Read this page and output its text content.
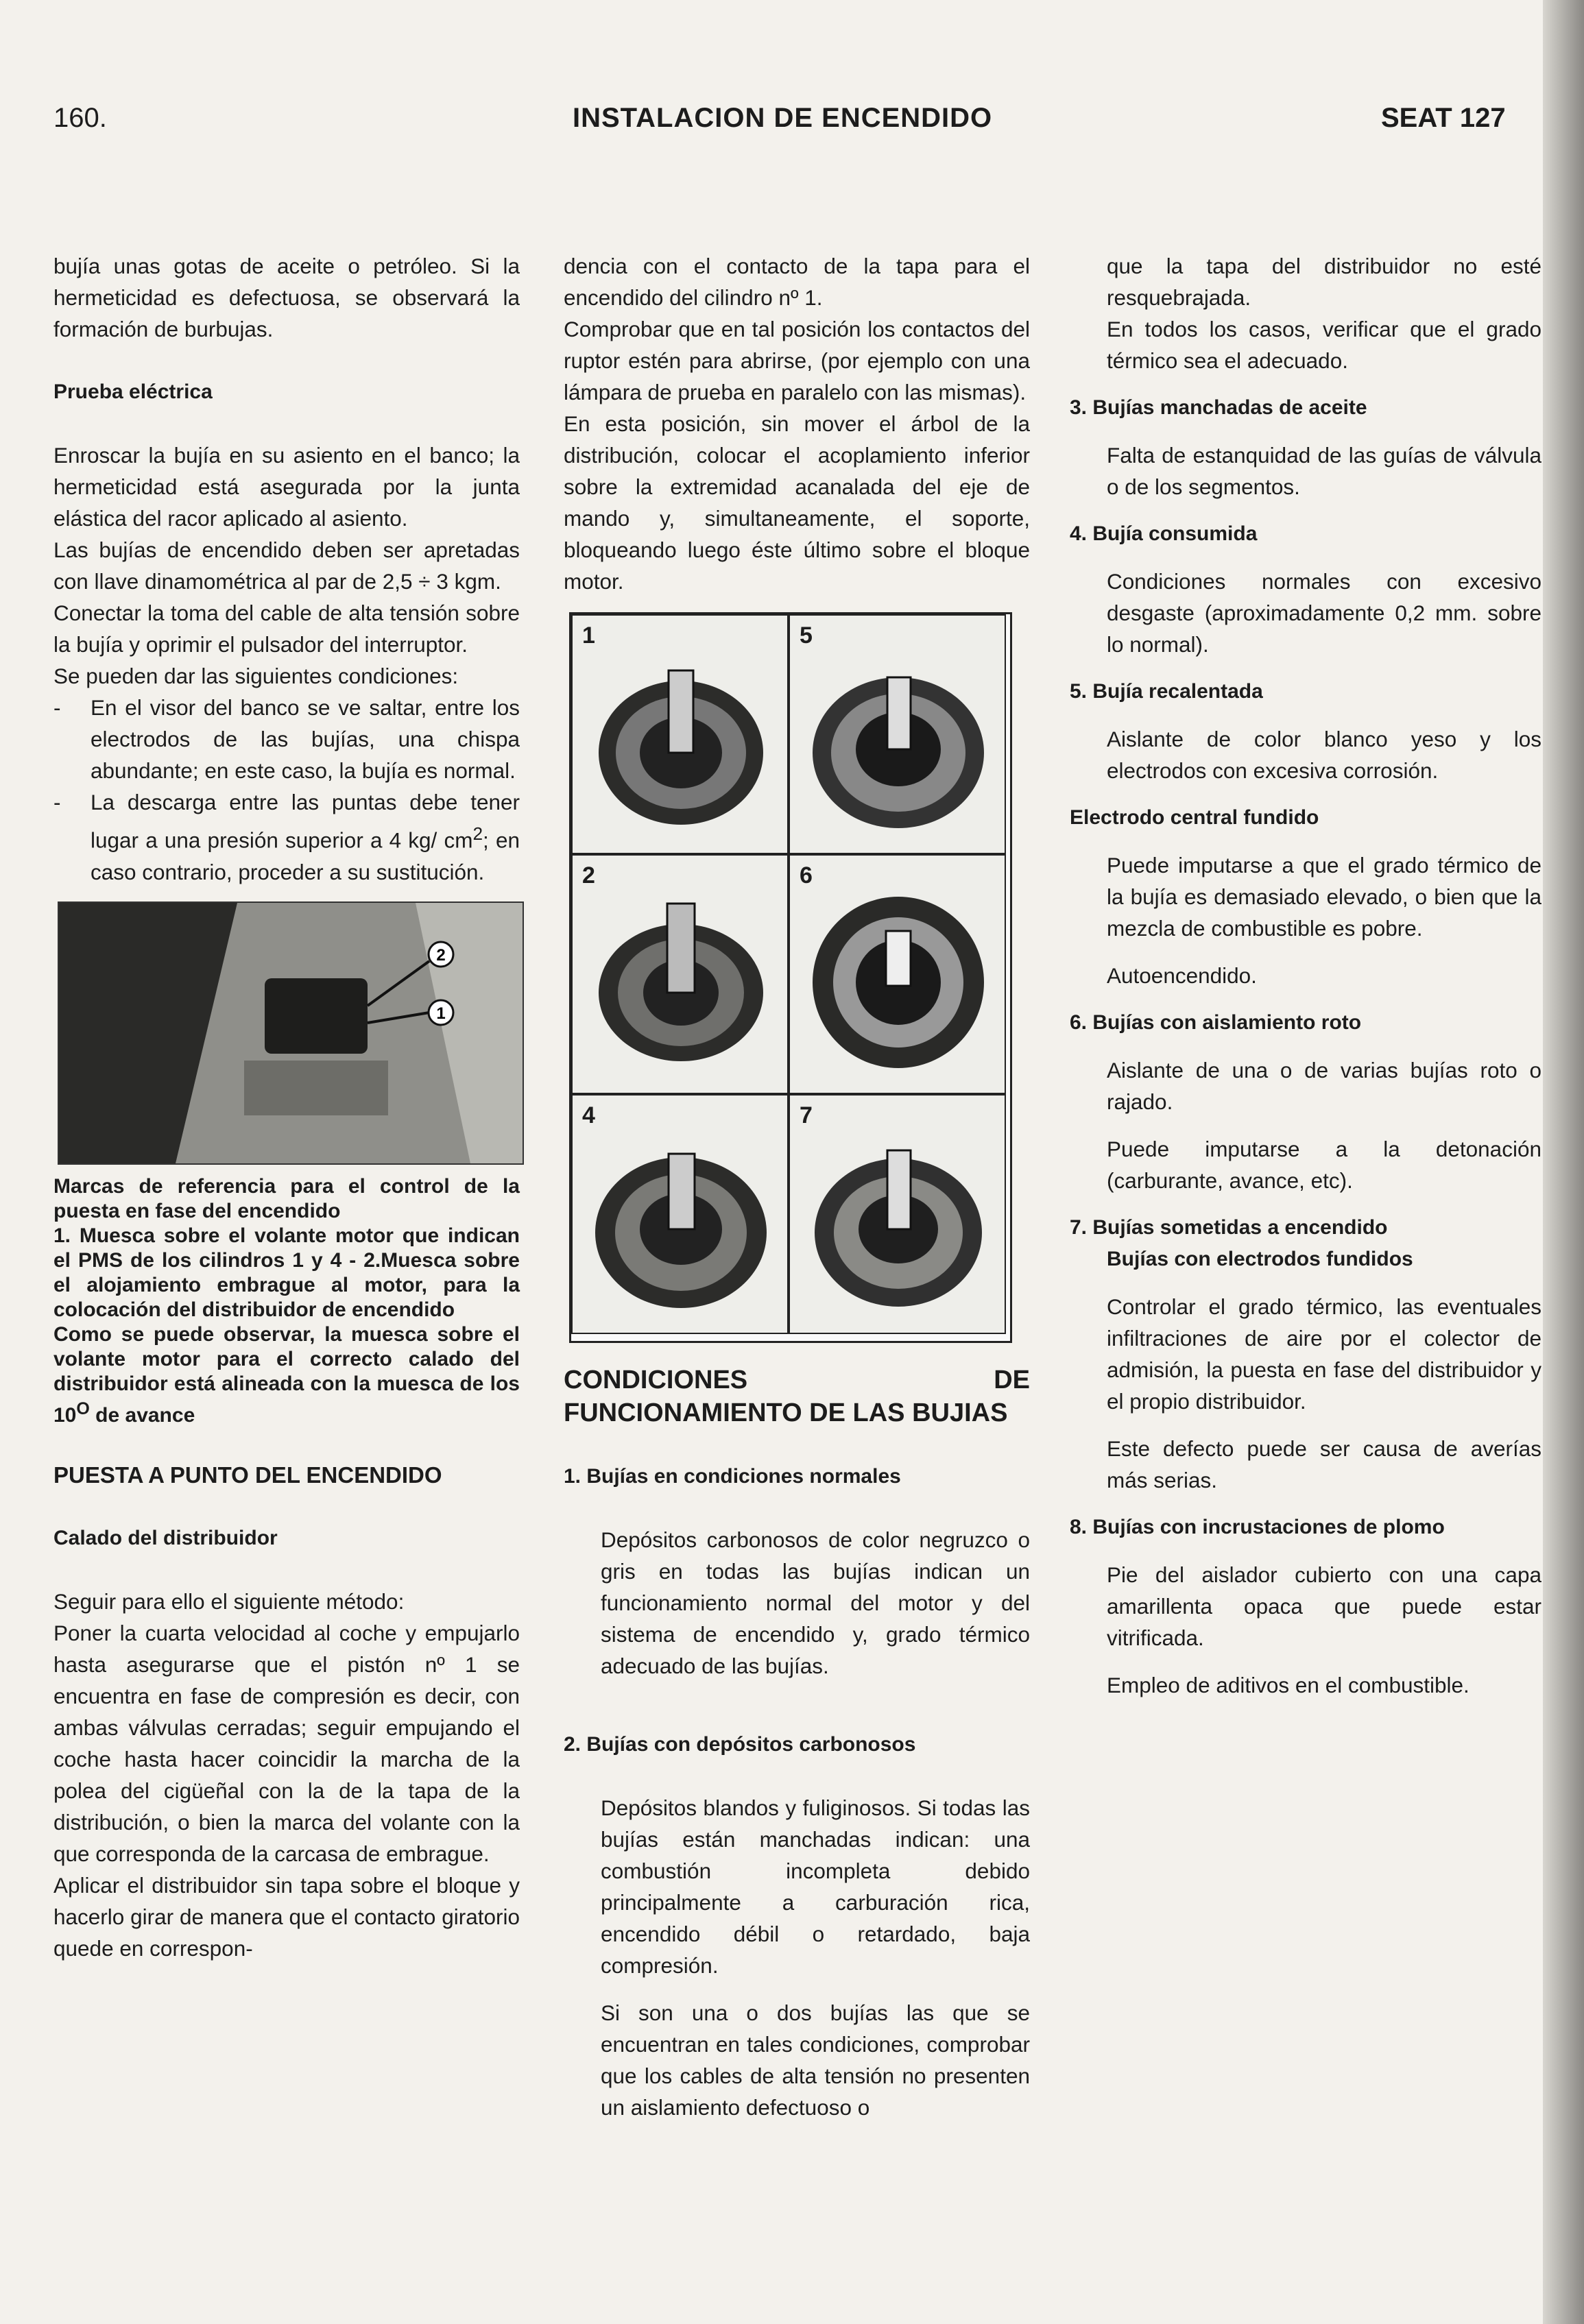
160.	INSTALACION DE ENCENDIDO	SEAT 127

bujía unas gotas de aceite o petróleo. Si la hermeticidad es defectuosa, se observará la formación de burbujas.

Prueba eléctrica

Enroscar la bujía en su asiento en el banco; la hermeticidad está asegurada por la junta elástica del racor aplicado al asiento.

Las bujías de encendido deben ser apretadas con llave dinamométrica al par de 2,5 ÷ 3 kgm.

Conectar la toma del cable de alta tensión sobre la bujía y oprimir el pulsador del interruptor.

Se pueden dar las siguientes condiciones:

- En el visor del banco se ve saltar, entre los electrodos de las bujías, una chispa abundante; en este caso, la bujía es normal.

- La descarga entre las puntas debe tener lugar a una presión superior a 4 kg/ $cm^2$; en caso contrario, proceder a su sustitución.

2
1

Marcas de referencia para el control de la puesta en fase del encendido

1. Muesca sobre el volante motor que indican el PMS de los cilindros 1 y 4 - 2.Muesca sobre el alojamiento embrague al motor, para la colocación del distribuidor de encendido

Como se puede observar, la muesca sobre el volante motor para el correcto calado del distribuidor está alineada con la muesca de los $10^O$ de avance

PUESTA A PUNTO DEL ENCENDIDO

Calado del distribuidor

Seguir para ello el siguiente método:

Poner la cuarta velocidad al coche y empujarlo hasta asegurarse que el pistón nº 1 se encuentra en fase de compresión es decir, con ambas válvulas cerradas; seguir empujando el coche hasta hacer coincidir la marcha de la polea del cigüeñal con la de la tapa de la distribución, o bien la marca del volante con la que corresponda de la carcasa de embrague.

Aplicar el distribuidor sin tapa sobre el bloque y hacerlo girar de manera que el contacto giratorio quede en correspon-

dencia con el contacto de la tapa para el encendido del cilindro nº 1.

Comprobar que en tal posición los contactos del ruptor estén para abrirse, (por ejemplo con una lámpara de prueba en paralelo con las mismas).

En esta posición, sin mover el árbol de la distribución, colocar el acoplamiento inferior sobre la extremidad acanalada del eje de mando y, simultaneamente, el soporte, bloqueando luego éste último sobre el bloque motor.

1	5
2	6
4	7

CONDICIONES DE FUNCIONAMIENTO DE LAS BUJIAS

1. Bujías en condiciones normales

Depósitos carbonosos de color negruzco o gris en todas las bujías indican un funcionamiento normal del motor y del sistema de encendido y, grado térmico adecuado de las bujías.

2. Bujías con depósitos carbonosos

Depósitos blandos y fuliginosos. Si todas las bujías están manchadas indican: una combustión incompleta debido principalmente a carburación rica, encendido débil o retardado, baja compresión.

Si son una o dos bujías las que se encuentran en tales condiciones, comprobar que los cables de alta tensión no presenten un aislamiento defectuoso o

que la tapa del distribuidor no esté resquebrajada.

En todos los casos, verificar que el grado térmico sea el adecuado.

3. Bujías manchadas de aceite

Falta de estanquidad de las guías de válvula o de los segmentos.

4. Bujía consumida

Condiciones normales con excesivo desgaste (aproximadamente 0,2 mm. sobre lo normal).

5. Bujía recalentada

Aislante de color blanco yeso y los electrodos con excesiva corrosión.

Electrodo central fundido

Puede imputarse a que el grado térmico de la bujía es demasiado elevado, o bien que la mezcla de combustible es pobre.

Autoencendido.

6. Bujías con aislamiento roto

Aislante de una o de varias bujías roto o rajado.

Puede imputarse a la detonación (carburante, avance, etc).

7. Bujías sometidas a encendido

Bujías con electrodos fundidos

Controlar el grado térmico, las eventuales infiltraciones de aire por el colector de admisión, la puesta en fase del distribuidor y el propio distribuidor.

Este defecto puede ser causa de averías más serias.

8. Bujías con incrustaciones de plomo

Pie del aislador cubierto con una capa amarillenta opaca que puede estar vitrificada.

Empleo de aditivos en el combustible.
